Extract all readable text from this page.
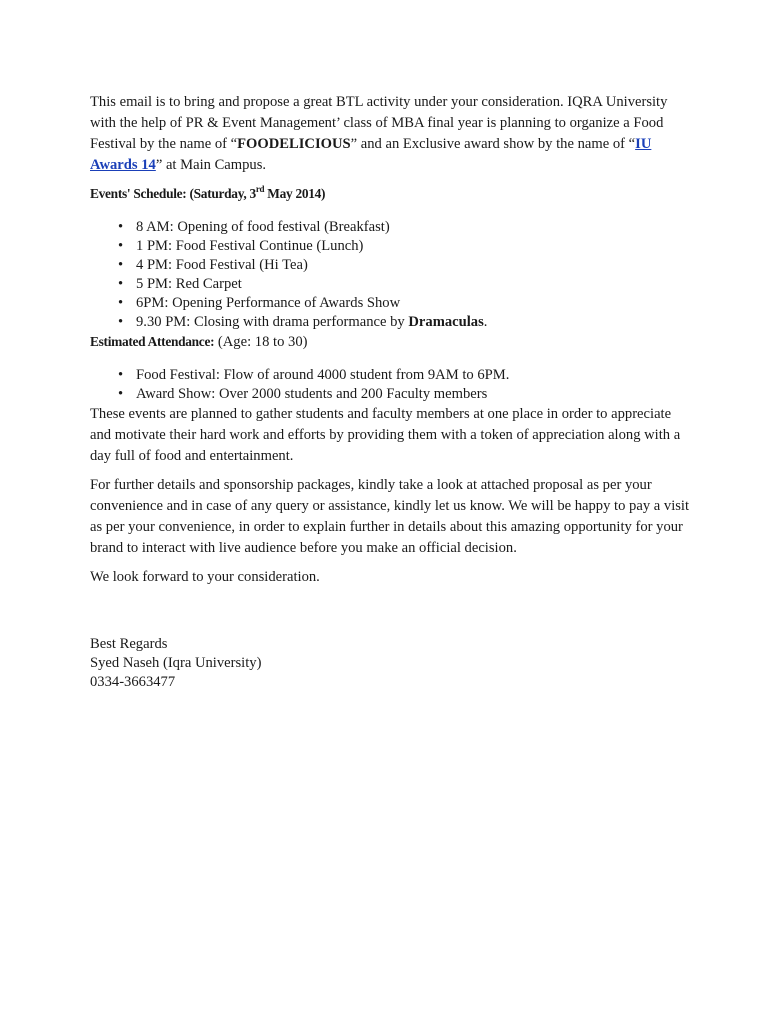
This email is to bring and propose a great BTL activity under your consideration. IQRA University with the help of PR & Event Management’ class of MBA final year is planning to organize a Food Festival by the name of “FOODELICIOUS” and an Exclusive award show by the name of “IU Awards 14” at Main Campus.

Events' Schedule: (Saturday, 3rd May 2014)
• 8 AM: Opening of food festival (Breakfast)
• 1 PM: Food Festival Continue (Lunch)
• 4 PM: Food Festival (Hi Tea)
• 5 PM: Red Carpet
• 6PM: Opening Performance of Awards Show
• 9.30 PM: Closing with drama performance by Dramaculas.
Estimated Attendance: (Age: 18 to 30)
• Food Festival: Flow of around 4000 student from 9AM to 6PM.
• Award Show: Over 2000 students and 200 Faculty members

These events are planned to gather students and faculty members at one place in order to appreciate and motivate their hard work and efforts by providing them with a token of appreciation along with a day full of food and entertainment.

For further details and sponsorship packages, kindly take a look at attached proposal as per your convenience and in case of any query or assistance, kindly let us know. We will be happy to pay a visit as per your convenience, in order to explain further in details about this amazing opportunity for your brand to interact with live audience before you make an official decision.

We look forward to your consideration.

Best Regards
Syed Naseh (Iqra University)
0334-3663477
